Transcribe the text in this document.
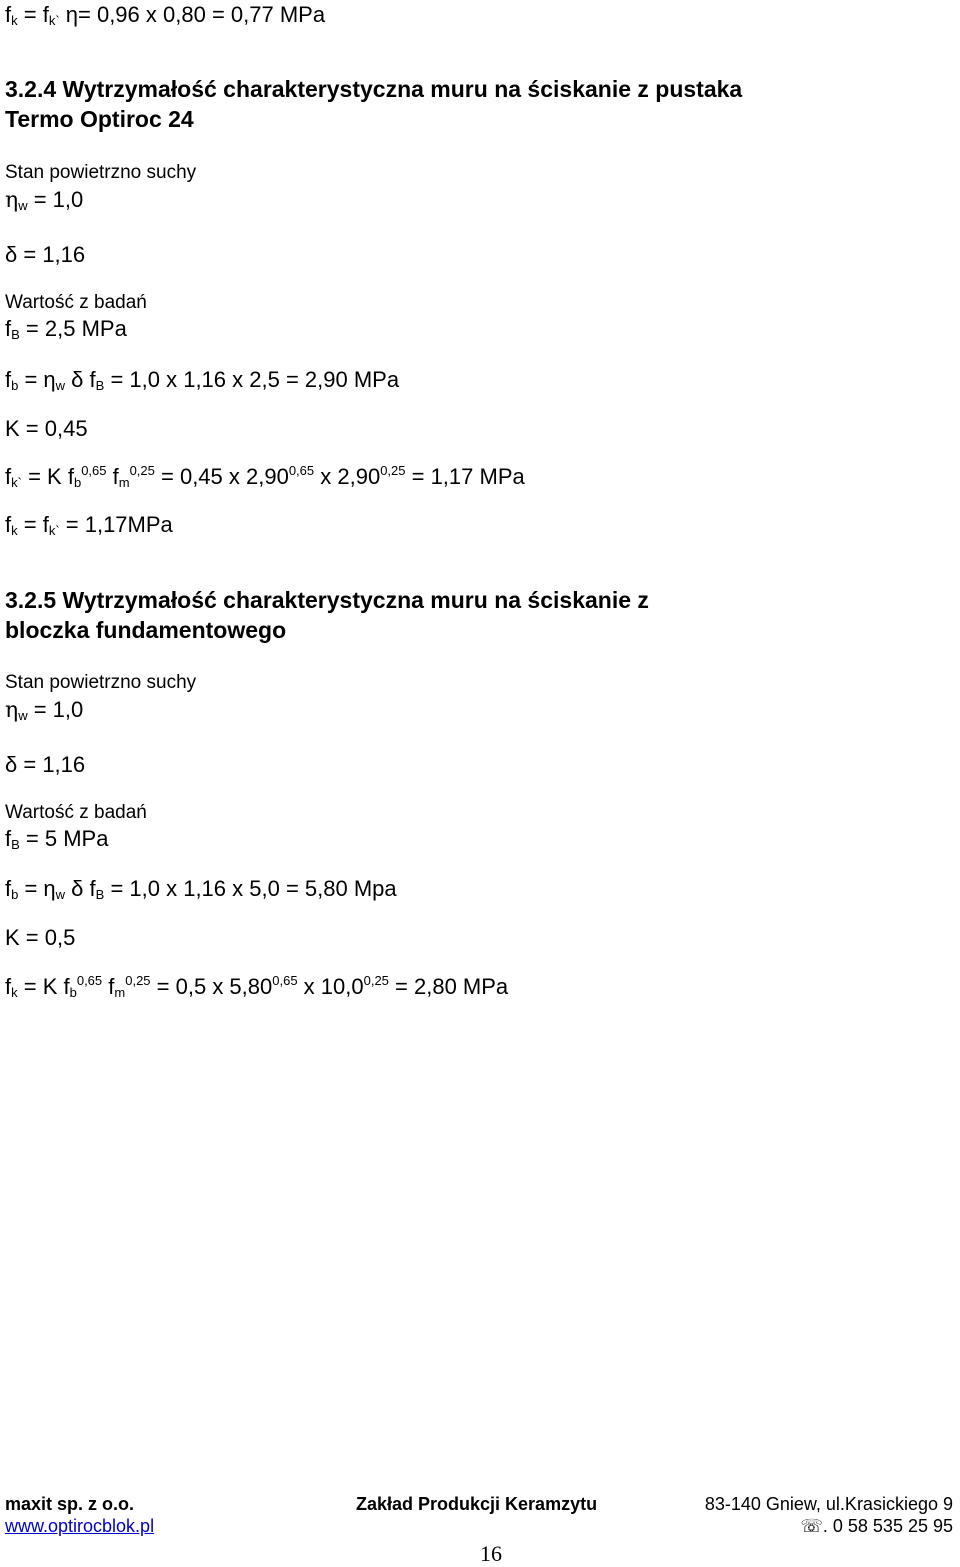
$f_k = f_{k`}$ η= 0,96 x 0,80 = 0,77 MPa
3.2.4 Wytrzymałość charakterystyczna muru na ściskanie z pustaka
Termo Optiroc 24
Stan powietrzno suchy
$\eta_w = 1,0$
δ = 1,16
Wartość z badań
$f_B = 2,5$ MPa
$f_b = \eta_w$ δ $f_B = 1,0$ x 1,16 x 2,5 = 2,90 MPa
K = 0,45
$f_{k`} = K$ $f_b^{0,65}$ $f_m^{0,25} = 0,45$ x 2,90$^{0,65}$ x $2,90^{0,25} = 1,17$ MPa
$f_k = f_{k`} = 1,17MPa$
3.2.5 Wytrzymałość charakterystyczna muru na ściskanie z
bloczka fundamentowego
Stan powietrzno suchy
$\eta_w = 1,0$
δ = 1,16
Wartość z badań
$f_B = 5$ MPa
$f_b = \eta_w$ δ $f_B = 1,0$ x 1,16 x 5,0 = 5,80 Mpa
K = 0,5
$f_k = K$ $f_b^{0,65}$ $f_m^{0,25} = 0,5$ x 5,80$^{0,65}$ x $10,0^{0,25} = 2,80$ MPa
maxit sp. z o.o.	Zakład Produkcji Keramzytu	83-140 Gniew, ul.Krasickiego 9
www.optirocblok.pl	☏. 0 58 535 25 95
16
